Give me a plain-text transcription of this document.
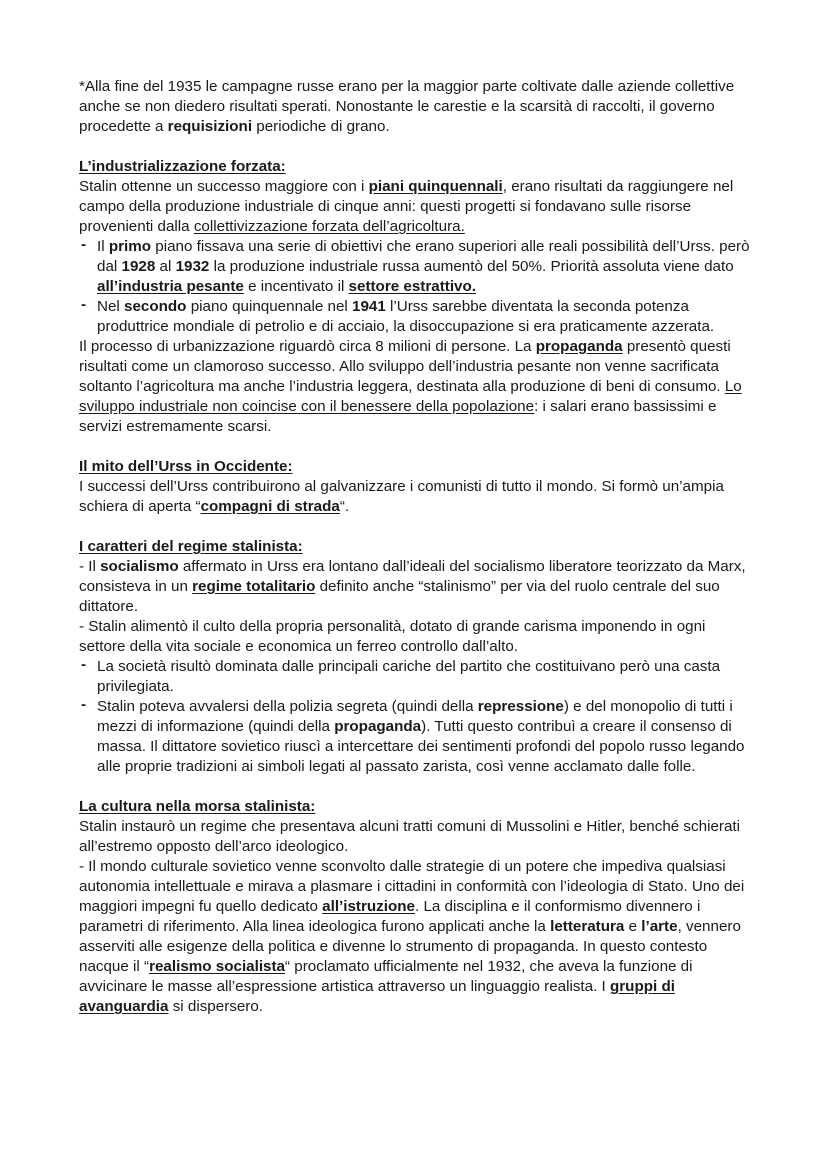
*Alla fine del 1935 le campagne russe erano per la maggior parte coltivate dalle aziende collettive anche se non diedero risultati sperati. Nonostante le carestie e la scarsità di raccolti, il governo procedette a requisizioni periodiche di grano.

L’industrializzazione forzata:

Stalin ottenne un successo maggiore con i piani quinquennali, erano risultati da raggiungere nel campo della produzione industriale di cinque anni: questi progetti si fondavano sulle risorse provenienti dalla collettivizzazione forzata dell’agricoltura.

- Il primo piano fissava una serie di obiettivi che erano superiori alle reali possibilità dell’Urss. però dal 1928 al 1932 la produzione industriale russa aumentò del 50%. Priorità assoluta viene dato all’industria pesante e incentivato il settore estrattivo.
- Nel secondo piano quinquennale nel 1941 l’Urss sarebbe diventata la seconda potenza produttrice mondiale di petrolio e di acciaio, la disoccupazione si era praticamente azzerata.

Il processo di urbanizzazione riguardò circa 8 milioni di persone. La propaganda presentò questi risultati come un clamoroso successo. Allo sviluppo dell’industria pesante non venne sacrificata soltanto l’agricoltura ma anche l’industria leggera, destinata alla produzione di beni di consumo. Lo sviluppo industriale non coincise con il benessere della popolazione: i salari erano bassissimi e servizi estremamente scarsi.

Il mito dell’Urss in Occidente:

I successi dell’Urss contribuirono al galvanizzare i comunisti di tutto il mondo. Si formò un’ampia schiera di aperta “compagni di strada“.

I caratteri del regime stalinista:

- Il socialismo affermato in Urss era lontano dall’ideali del socialismo liberatore teorizzato da Marx, consisteva in un regime totalitario definito anche “stalinismo” per via del ruolo centrale del suo dittatore.

- Stalin alimentò il culto della propria personalità, dotato di grande carisma imponendo in ogni settore della vita sociale e economica un ferreo controllo dall’alto.

- La società risultò dominata dalle principali cariche del partito che costituivano però una casta privilegiata.
- Stalin poteva avvalersi della polizia segreta (quindi della repressione) e del monopolio di tutti i mezzi di informazione (quindi della propaganda). Tutti questo contribuì a creare il consenso di massa. Il dittatore sovietico riuscì a intercettare dei sentimenti profondi del popolo russo legando alle proprie tradizioni ai simboli legati al passato zarista, così venne acclamato dalle folle.
La cultura nella morsa stalinista:

Stalin instaurò un regime che presentava alcuni tratti comuni di Mussolini e Hitler, benché schierati all’estremo opposto dell’arco ideologico.

- Il mondo culturale sovietico venne sconvolto dalle strategie di un potere che impediva qualsiasi autonomia intellettuale e mirava a plasmare i cittadini in conformità con l’ideologia di Stato. Uno dei maggiori impegni fu quello dedicato all’istruzione. La disciplina e il conformismo divennero i parametri di riferimento. Alla linea ideologica furono applicati anche la letteratura e l’arte, vennero asserviti alle esigenze della politica e divenne lo strumento di propaganda. In questo contesto nacque il “realismo socialista“ proclamato ufficialmente nel 1932, che aveva la funzione di avvicinare le masse all’espressione artistica attraverso un linguaggio realista. I gruppi di avanguardia si dispersero.
